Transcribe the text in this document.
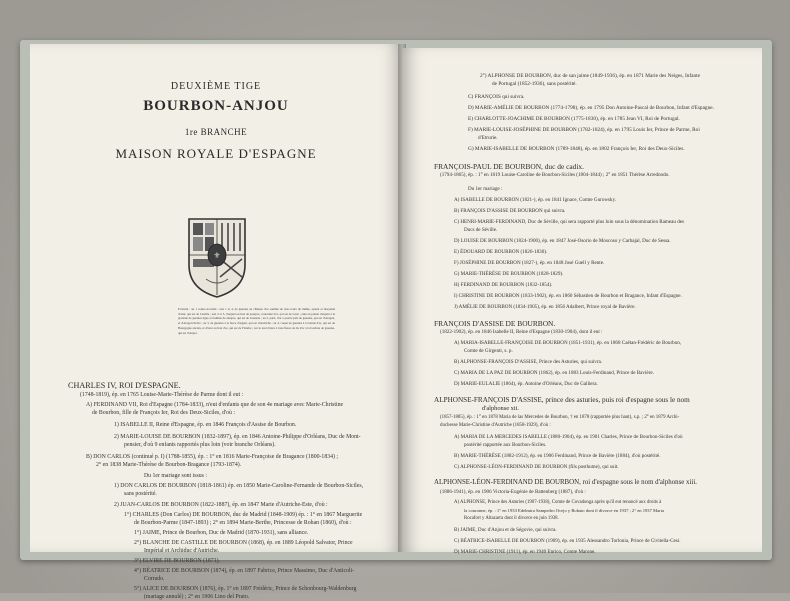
DEUXIÈME TIGE
BOURBON-ANJOU
1re BRANCHE
MAISON ROYALE D'ESPAGNE
⚜
Ecartelé : au 1 contre-écartelé : aux 1 et 4, de gueules au château d'or sommé de trois tours du même, ajouré et maçonné d'azur, qui est de Castille ; aux 2 et 3, d'argent au lion de pourpre, couronné d'or, qui est de Léon ; enté en pointe d'argent à la grenade de gueules tigée et feuillée de sinople, qui est de Grenade ; au 2, parti, d'or à quatre pals de gueules, qui est d'Aragon, et d'Aragon-Sicile ; au 3, de gueules à la fasce d'argent, qui est d'Autriche ; au 4, coupé de gueules à la bande d'or, qui est de Bourgogne ancien, et d'azur au lion d'or, qui est de Flandre ; sur le tout d'azur à trois fleurs de lis d'or à la bordure de gueules, qui est d'Anjou.
CHARLES IV, ROI D'ESPAGNE.
(1748-1819), ép. en 1765 Louise-Marie-Thérèse de Parme dont il eut :
A) FERDINAND VII, Roi d'Espagne (1784-1833), n'eut d'enfants que de son 4e mariage avec Marie-Christine
de Bourbon, fille de François Ier, Roi des Deux-Siciles, d'où :
1) ISABELLE II, Reine d'Espagne, ép. en 1846 François d'Assise de Bourbon.
2) MARIE-LOUISE DE BOURBON (1832-1897), ép. en 1846 Antoine-Philippe d'Orléans, Duc de Mont-
pensier, d'où 9 enfants rapportés plus loin (voir branche Orléans).
B) DON CARLOS (continué p. I) (1788-1855), ép. : 1° en 1816 Marie-Françoise de Bragance (1800-1834) ;
2° en 1838 Marie-Thérèse de Bourbon-Bragance (1793-1874).
Du 1er mariage sont issus :
1) DON CARLOS DE BOURBON (1818-1861) ép. en 1850 Marie-Caroline-Fernande de Bourbon-Siciles,
sans postérité.
2) JUAN-CARLOS DE BOURBON (1822-1887), ép. en 1847 Marie d'Autriche-Este, d'où :
1°) CHARLES (Don Carlos) DE BOURBON, duc de Madrid (1848-1909) ép. : 1° en 1867 Marguerite
de Bourbon-Parme (1847-1893) ; 2° en 1894 Marie-Berthe, Princesse de Rohan (1860), d'où :
1°) JAIME, Prince de Bourbon, Duc de Madrid (1870-1931), sans alliance.
2°) BLANCHE DE CASTILLE DE BOURBON (1868), ép. en 1889 Léopold Salvator, Prince
Impérial et Archiduc d'Autriche.
3°) ELVIRE DE BOURBON (1871).
4°) BÉATRICE DE BOURBON (1874), ép. en 1897 Fabrice, Prince Massimo, Duc d'Anticoli-
Corrado.
5°) ALICE DE BOURBON (1876), ép. 1° en 1897 Frédéric, Prince de Schonbourg-Waldenburg
(mariage annulé) ; 2° en 1906 Lino del Prato.
2°) ALPHONSE DE BOURBON, duc de san jaime (1849-1936), ép. en 1871 Marie des Neiges, Infante
de Portugal (1852-1936), sans postérité.
C) FRANÇOIS qui suivra.
D) MARIE-AMÉLIE DE BOURBON (1774-1798), ép. en 1795 Don Antoine-Pascal de Bourbon, Infant d'Espagne.
E) CHARLOTTE-JOACHIME DE BOURBON (1775-1830), ép. en 1785 Jean VI, Roi de Portugal.
F) MARIE-LOUISE-JOSÉPHINE DE BOURBON (1782-1824), ép. en 1795 Louis Ier, Prince de Parme, Roi
d'Etrurie.
G) MARIE-ISABELLE DE BOURBON (1789-1848), ép. en 1802 François Ier, Roi des Deux-Siciles.
FRANÇOIS-PAUL DE BOURBON, duc de cadix.
(1794-1865), ép. : 1° en 1819 Louise-Caroline de Bourbon-Siciles (1804-1844) ; 2° en 1851 Thérèse Arredondo.
Du 1er mariage :
A) ISABELLE DE BOURBON (1821-), ép. en 1841 Ignace, Comte Gurowsky.
B) FRANÇOIS D'ASSISE DE BOURBON qui suivra.
C) HENRI-MARIE-FERDINAND, Duc de Séville, qui sera rapporté plus loin sous la dénomination Rameau des
Ducs de Séville.
D) LOUISE DE BOURBON (1824-1900), ép. en 1847 José-Osorio de Moscoso y Carbajal, Duc de Sessa.
E) ÉDOUARD DE BOURBON (1826-1830).
F) JOSÉPHINE DE BOURBON (1827-), ép. en 1848 José Guell y Rente.
G) MARIE-THÉRÈSE DE BOURBON (1828-1829).
H) FERDINAND DE BOURBON (1832-1854).
I) CHRISTINE DE BOURBON (1833-1902), ép. en 1860 Sébastien de Bourbon et Bragance, Infant d'Espagne.
J) AMÉLIE DE BOURBON (1834-1905), ép. en 1856 Adalbert, Prince royal de Bavière.
FRANÇOIS D'ASSISE DE BOURBON.
(1822-1902), ép. en 1846 Isabelle II, Reine d'Espagne (1830-1904), dont il eut :
A) MARIA-ISABELLE-FRANÇOISE DE BOURBON (1851-1931), ép. en 1868 Caëtan-Frédéric de Bourbon,
Comte de Girgenti, s. p.
B) ALPHONSE-FRANÇOIS D'ASSISE, Prince des Asturies, qui suivra.
C) MARIA DE LA PAZ DE BOURBON (1862), ép. en 1883 Louis-Ferdinand, Prince de Bavière.
D) MARIE-EULALIE (1864), ép. Antoine d'Orléans, Duc de Galliera.
ALPHONSE-FRANÇOIS D'ASSISE, prince des asturies, puis roi d'espagne sous le nom
d'alphonse xii.
(1857-1885), ép. : 1° en 1878 Maria de las Mercedes de Bourbon, † en 1878 (rapportée plus haut), s.p. ; 2° en 1879 Archi-
duchesse Marie-Christine d'Autriche (1858-1929), d'où :
A) MARIA DE LA MERCEDES ISABELLE (1880-1904), ép. en 1901 Charles, Prince de Bourbon-Siciles d'où
postérité rapportée aux Bourbon-Siciles.
B) MARIE-THÉRÈSE (1882-1912), ép. en 1906 Ferdinand, Prince de Bavière (1884), d'où postérité.
C) ALPHONSE-LÉON-FERDINAND DE BOURBON (fils posthume), qui suit.
ALPHONSE-LÉON-FERDINAND DE BOURBON, roi d'espagne sous le nom d'alphonse xiii.
(1886-1941), ép. en 1906 Victoria-Eugénie de Battenberg (1887), d'où :
A) ALPHONSE, Prince des Asturies (1907-1938), Comte de Covadonga après qu'il eut renoncé aux droits à
la couronne, ép. : 1° en 1933 Edelmira Sampedro Ocejo y Robato dont il divorce en 1937 ; 2° en 1937 Marta
Rocafort y Altazarra dont il divorce en juin 1938.
B) JAIME, Duc d'Anjou et de Ségovie, qui suivra.
C) BÉATRICE-ISABELLE DE BOURBON (1909), ép. en 1935 Alessandro Torlonia, Prince de Civitella-Cesi.
D) MARIE-CHRISTINE (1911), ép. en 1940 Enrico, Comte Marone.
